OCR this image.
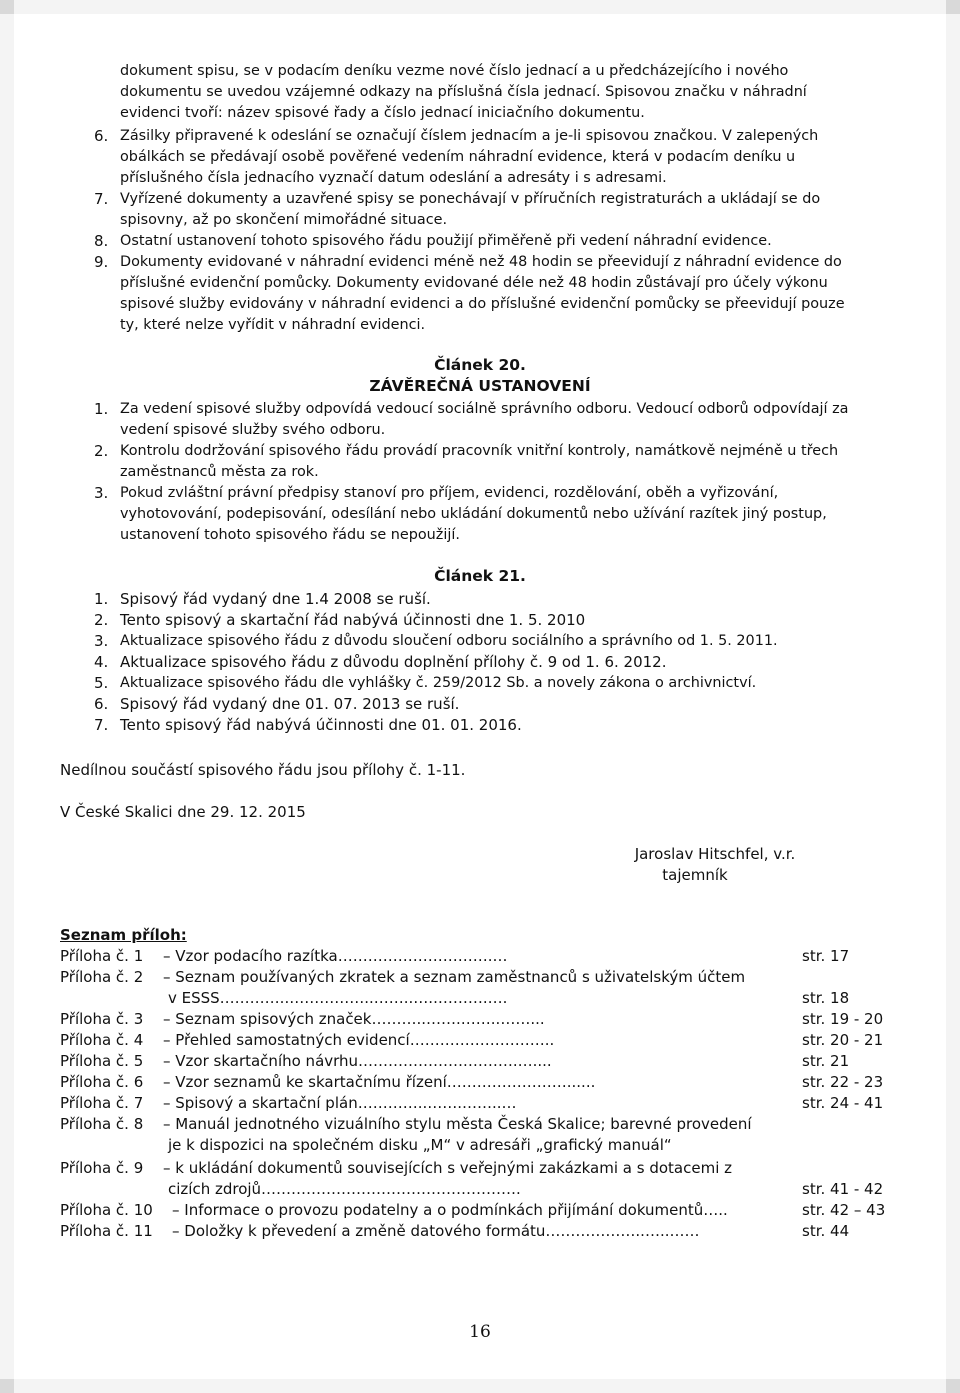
dokument spisu, se v podacím deníku vezme nové číslo jednací a u předcházejícího i nového
dokumentu se uvedou vzájemné odkazy na příslušná čísla jednací. Spisovou značku v náhradní
evidenci tvoří: název spisové řady a číslo jednací iniciačního dokumentu.
6. Zásilky připravené k odeslání se označují číslem jednacím a je-li spisovou značkou. V zalepených
obálkách se předávají osobě pověřené vedením náhradní evidence, která v podacím deníku u
příslušného čísla jednacího vyznačí datum odeslání a adresáty i s adresami.
7. Vyřízené dokumenty a uzavřené spisy se ponechávají v příručních registraturách a ukládají se do
spisovny, až po skončení mimořádné situace.
8. Ostatní ustanovení tohoto spisového řádu použijí přiměřeně při vedení náhradní evidence.
9. Dokumenty evidované v náhradní evidenci méně než 48 hodin se přeevidují z náhradní evidence do
příslušné evidenční pomůcky. Dokumenty evidované déle než 48 hodin zůstávají pro účely výkonu
spisové služby evidovány v náhradní evidenci a do příslušné evidenční pomůcky se přeevidují pouze
ty, které nelze vyřídit v náhradní evidenci.
Článek 20.
ZÁVĚREČNÁ USTANOVENÍ
1. Za vedení spisové služby odpovídá vedoucí sociálně správního odboru. Vedoucí odborů odpovídají za
vedení spisové služby svého odboru.
2. Kontrolu dodržování spisového řádu provádí pracovník vnitřní kontroly, namátkově nejméně u třech
zaměstnanců města za rok.
3. Pokud zvláštní právní předpisy stanoví pro příjem, evidenci, rozdělování, oběh a vyřizování,
vyhotovování, podepisování, odesílání nebo ukládání dokumentů nebo užívání razítek jiný postup,
ustanovení tohoto spisového řádu se nepoužijí.
Článek 21.
1. Spisový řád vydaný dne 1.4 2008 se ruší.
2. Tento spisový a skartační řád nabývá účinnosti dne 1. 5. 2010
3. Aktualizace spisového řádu z důvodu sloučení odboru sociálního a správního od 1. 5. 2011.
4. Aktualizace spisového řádu z důvodu doplnění přílohy č. 9 od 1. 6. 2012.
5. Aktualizace spisového řádu dle vyhlášky č. 259/2012 Sb. a novely zákona o archivnictví.
6. Spisový řád vydaný dne 01. 07. 2013 se ruší.
7. Tento spisový řád nabývá účinnosti dne 01. 01. 2016.
Nedílnou součástí spisového řádu jsou přílohy č. 1-11.
V České Skalici dne 29. 12. 2015
Jaroslav Hitschfel, v.r.
tajemník
Seznam příloh:
Příloha č. 1 – Vzor podacího razítka………………………….…	str. 17
Příloha č. 2 – Seznam používaných zkratek a seznam zaměstnanců s uživatelským účtem
v ESSS…………..……………..……..…..……….….	str. 18
Příloha č. 3 – Seznam spisových značek………..…….……..……...	str. 19 - 20
Příloha č. 4 – Přehled samostatných evidencí………………………..	str. 20 - 21
Příloha č. 5 – Vzor skartačního návrhu………………….……….…....	str. 21
Příloha č. 6 – Vzor seznamů ke skartačnímu řízení……………………......	str. 22 - 23
Příloha č. 7 – Spisový a skartační plán…………..…….……..…	str. 24 - 41
Příloha č. 8 – Manuál jednotného vizuálního stylu města Česká Skalice; barevné provedení
je k dispozici na společném disku „M“ v adresáři „grafický manuál“
Příloha č. 9 – k ukládání dokumentů souvisejících s veřejnými zakázkami a s dotacemi z
cizích zdrojů…………………………………………….	str. 41 - 42
Příloha č. 10 – Informace o provozu podatelny a o podmínkách přijímání dokumentů…..	str. 42 – 43
Příloha č. 11 – Doložky k převedení a změně datového formátu………………..…..……	str. 44
16
